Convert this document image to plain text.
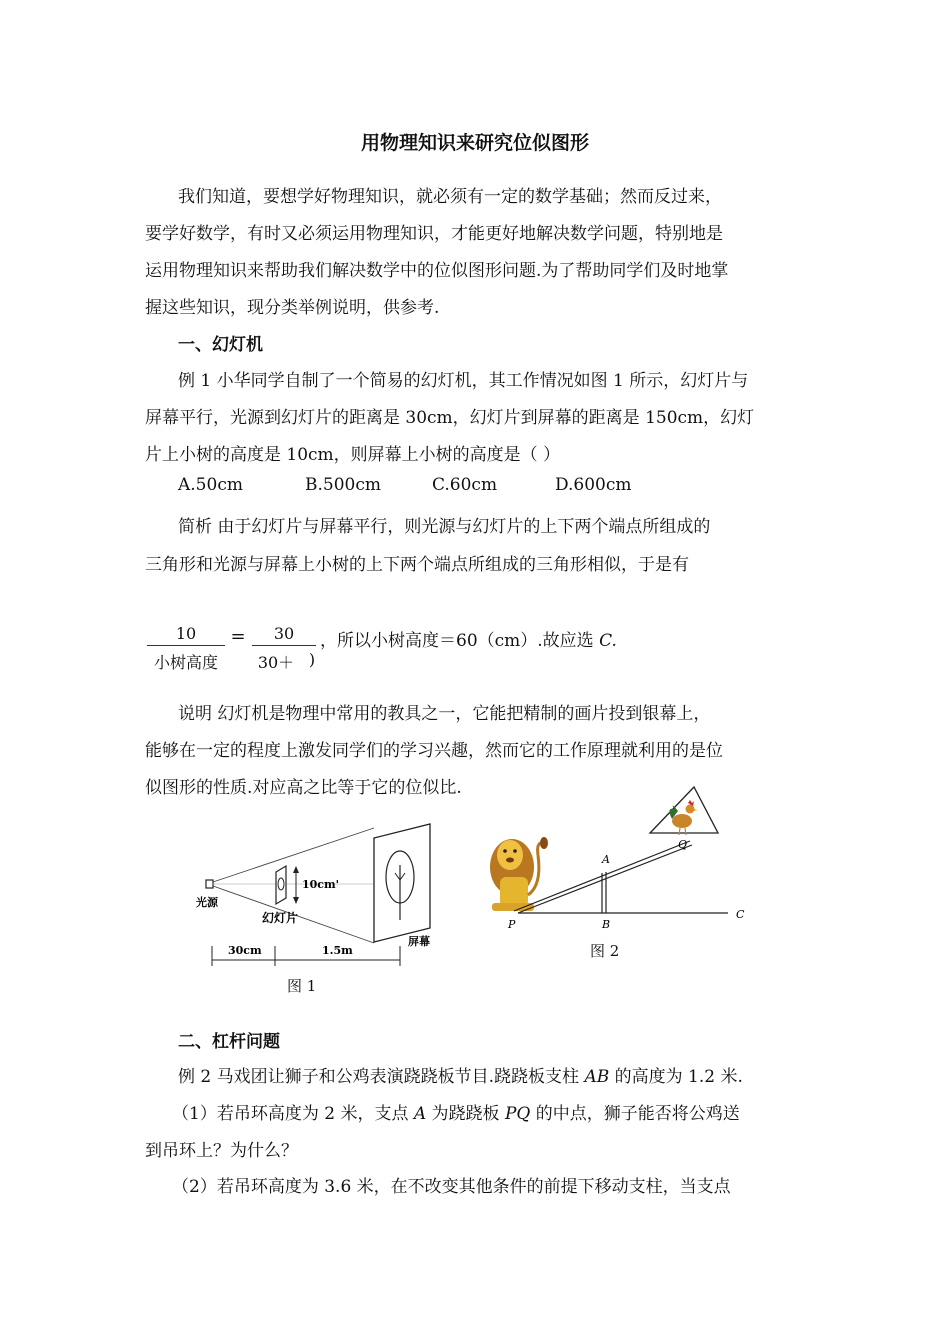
用物理知识来研究位似图形
我们知道，要想学好物理知识，就必须有一定的数学基础；然而反过来，
要学好数学，有时又必须运用物理知识，才能更好地解决数学问题，特别地是
运用物理知识来帮助我们解决数学中的位似图形问题.为了帮助同学们及时地掌
握这些知识，现分类举例说明，供参考.
一、幻灯机
例 1 小华同学自制了一个简易的幻灯机，其工作情况如图 1 所示，幻灯片与
屏幕平行，光源到幻灯片的距离是 30cm，幻灯片到屏幕的距离是 150cm，幻灯
片上小树的高度是 10cm，则屏幕上小树的高度是（ ）
A.50cm	B.500cm	C.60cm	D.600cm
简析 由于幻灯片与屏幕平行，则光源与幻灯片的上下两个端点所组成的
三角形和光源与屏幕上小树的上下两个端点所组成的三角形相似，于是有
10
小树高度
=	30
30＋ )
，所以小树高度＝60（cm）.故应选 C.
说明 幻灯机是物理中常用的教具之一，它能把精制的画片投到银幕上，
能够在一定的程度上激发同学们的学习兴趣，然而它的工作原理就利用的是位
似图形的性质.对应高之比等于它的位似比.
10cm'
光源
幻灯片
屏幕
30cm	1.5m
图 1
A
Q
P	B
C
图 2
二、杠杆问题
例 2 马戏团让狮子和公鸡表演跷跷板节目.跷跷板支柱 AB 的高度为 1.2 米.
（1）若吊环高度为 2 米，支点 A 为跷跷板 PQ 的中点，狮子能否将公鸡送
到吊环上？为什么？
（2）若吊环高度为 3.6 米，在不改变其他条件的前提下移动支柱，当支点
